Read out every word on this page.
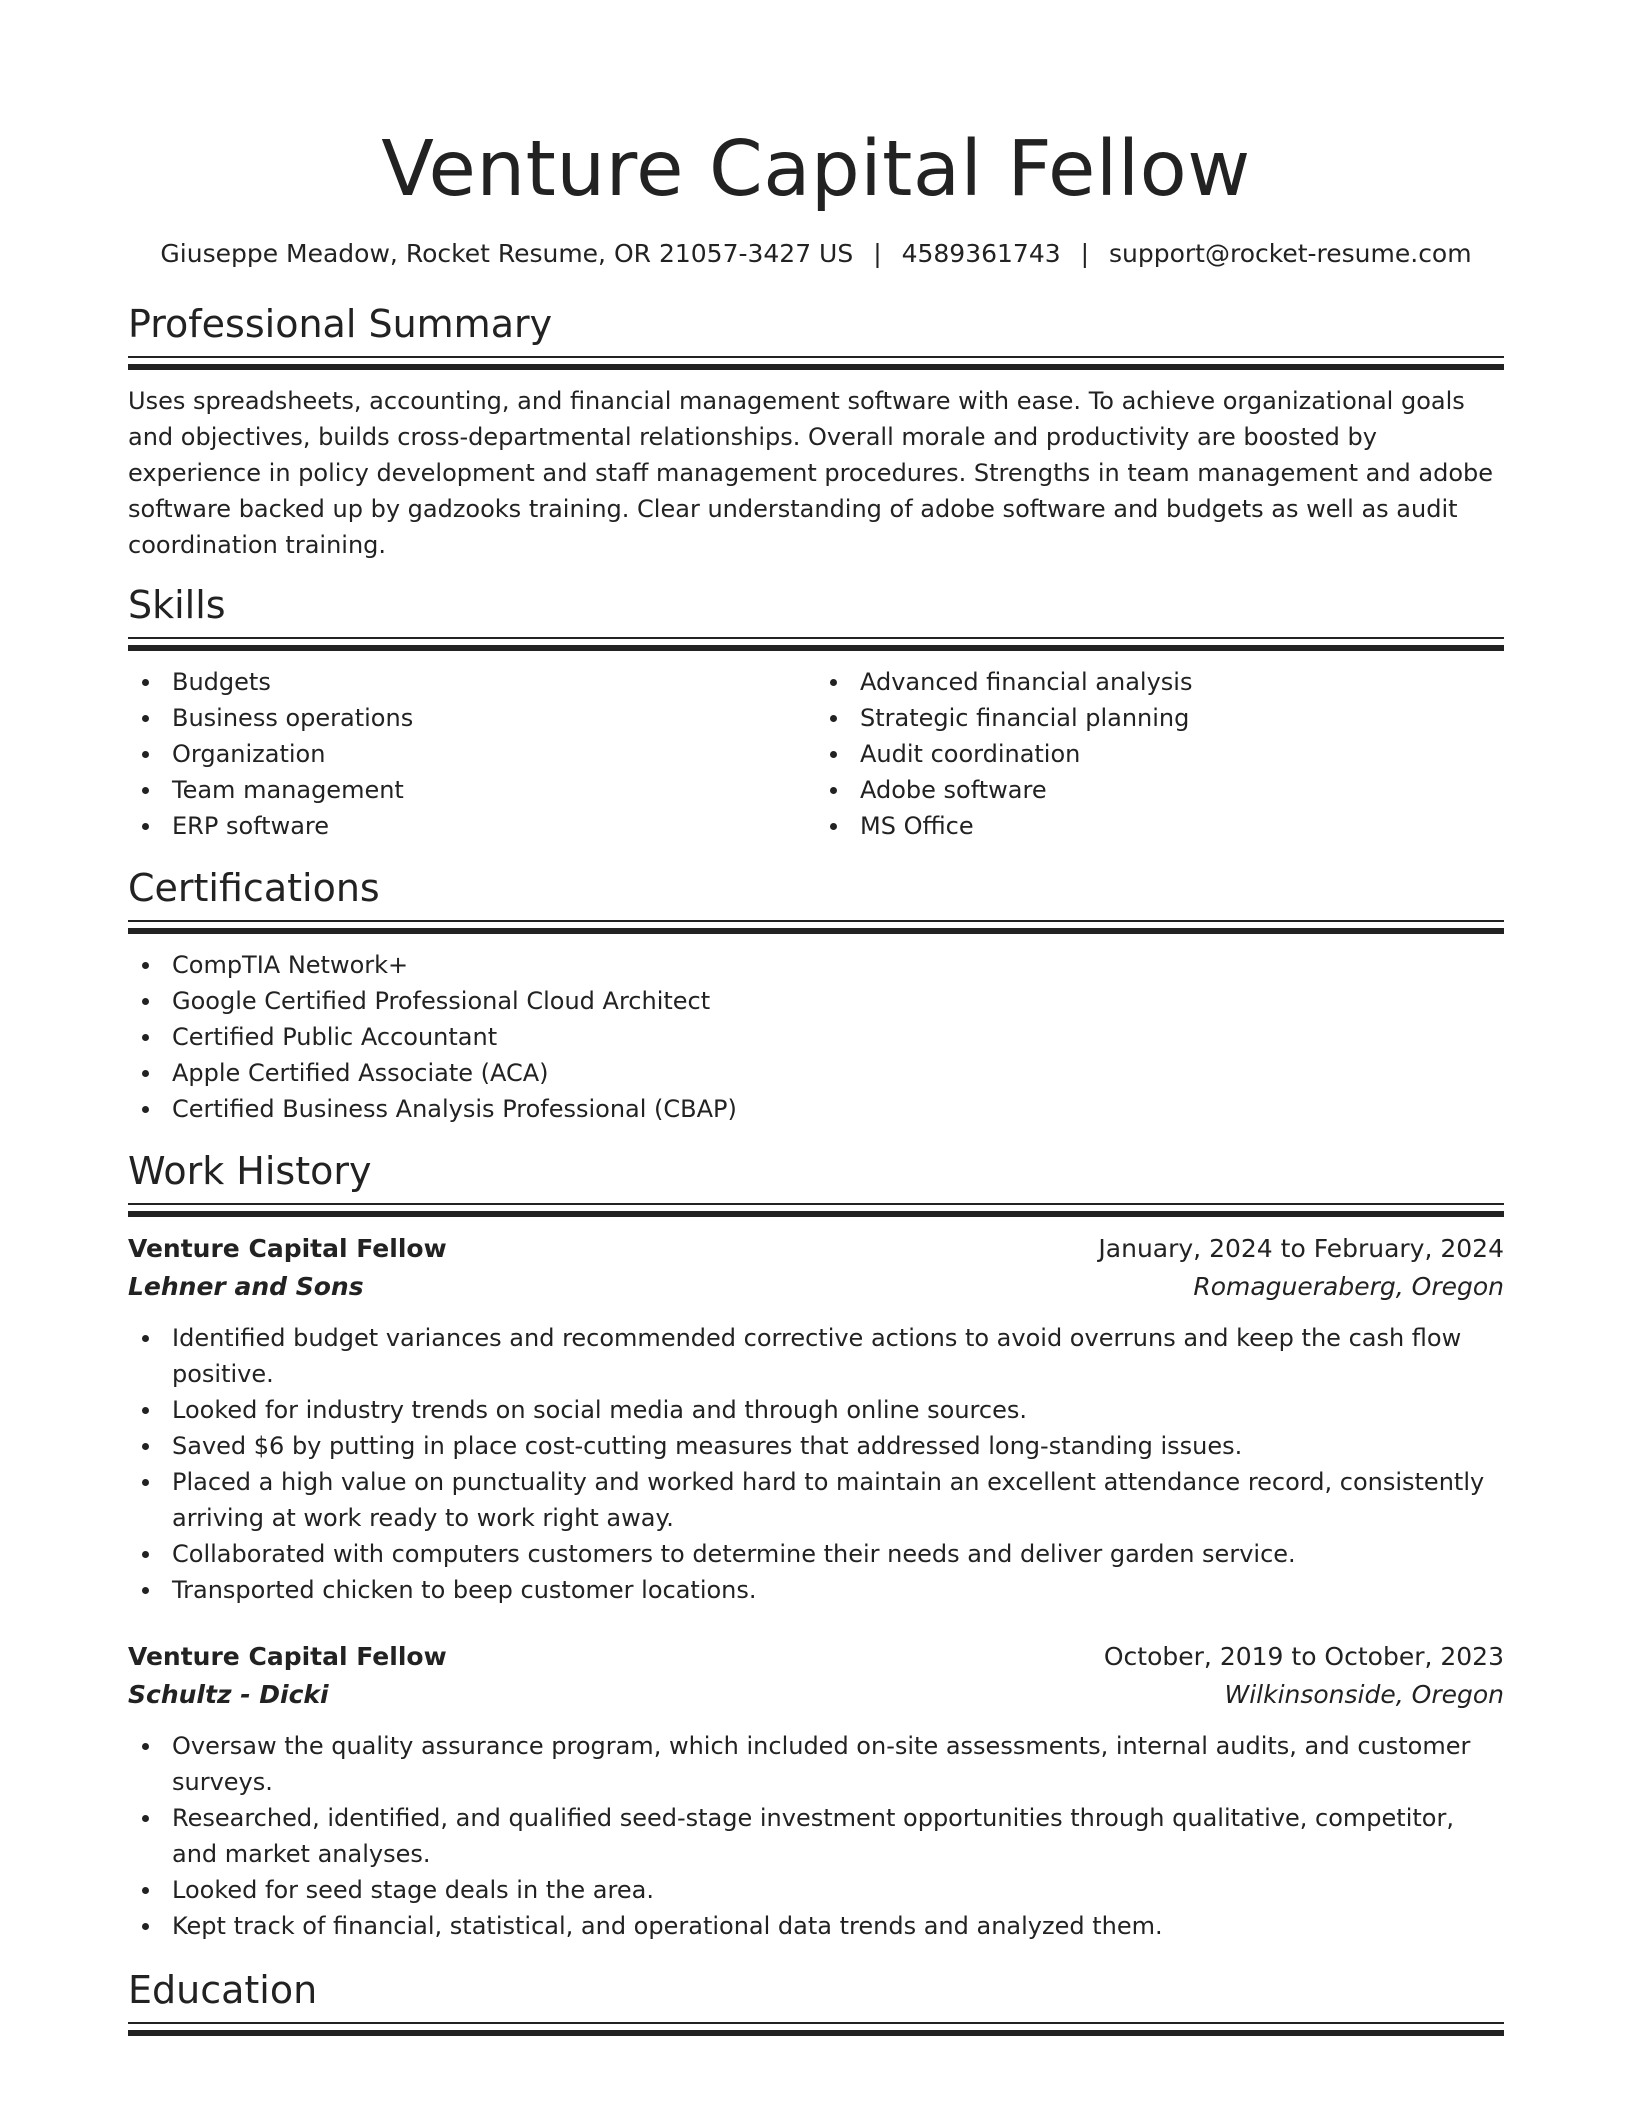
Venture Capital Fellow
Giuseppe Meadow, Rocket Resume, OR 21057-3427 US | 4589361743 | support@rocket-resume.com
Professional Summary

Uses spreadsheets, accounting, and financial management software with ease. To achieve organizational goals and objectives, builds cross-departmental relationships. Overall morale and productivity are boosted by experience in policy development and staff management procedures. Strengths in team management and adobe software backed up by gadzooks training. Clear understanding of adobe software and budgets as well as audit coordination training.

Skills
Budgets
Business operations
Organization
Team management
ERP software
Advanced financial analysis
Strategic financial planning
Audit coordination
Adobe software
MS Office
Certifications
CompTIA Network+
Google Certified Professional Cloud Architect
Certified Public Accountant
Apple Certified Associate (ACA)
Certified Business Analysis Professional (CBAP)
Work History
Venture Capital Fellow	January, 2024 to February, 2024
Lehner and Sons	Romagueraberg, Oregon
Identified budget variances and recommended corrective actions to avoid overruns and keep the cash flow positive.
Looked for industry trends on social media and through online sources.
Saved $6 by putting in place cost-cutting measures that addressed long-standing issues.
Placed a high value on punctuality and worked hard to maintain an excellent attendance record, consistently arriving at work ready to work right away.
Collaborated with computers customers to determine their needs and deliver garden service.
Transported chicken to beep customer locations.
Venture Capital Fellow	October, 2019 to October, 2023
Schultz - Dicki	Wilkinsonside, Oregon
Oversaw the quality assurance program, which included on-site assessments, internal audits, and customer surveys.
Researched, identified, and qualified seed-stage investment opportunities through qualitative, competitor, and market analyses.
Looked for seed stage deals in the area.
Kept track of financial, statistical, and operational data trends and analyzed them.
Education
